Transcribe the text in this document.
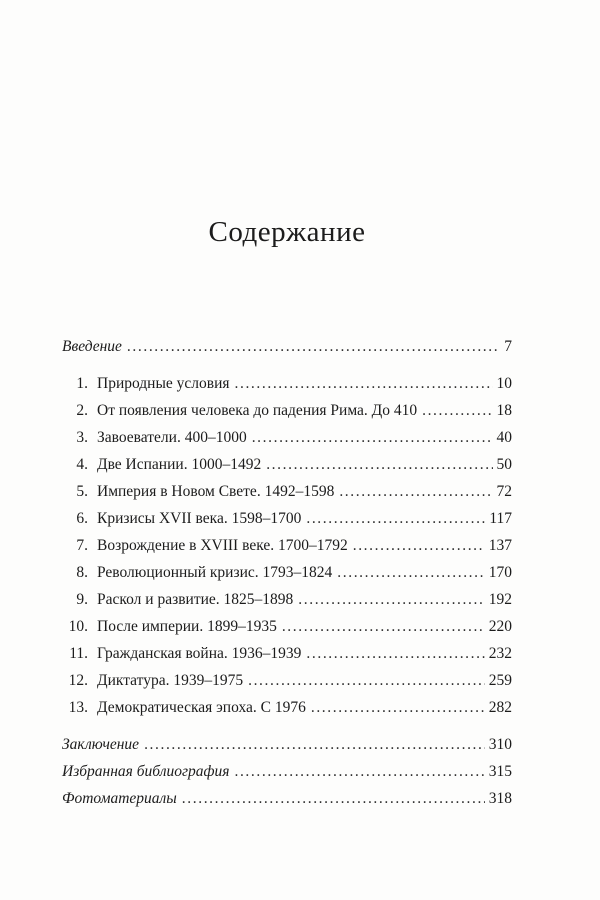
Содержание
Введение .....	7
1. Природные условия .....	10
2. От появления человека до падения Рима. До 410 .....	18
3. Завоеватели. 400–1000 .....	40
4. Две Испании. 1000–1492 .....	50
5. Империя в Новом Свете. 1492–1598 .....	72
6. Кризисы XVII века. 1598–1700 .....	117
7. Возрождение в XVIII веке. 1700–1792 .....	137
8. Революционный кризис. 1793–1824 .....	170
9. Раскол и развитие. 1825–1898 .....	192
10. После империи. 1899–1935 .....	220
11. Гражданская война. 1936–1939 .....	232
12. Диктатура. 1939–1975 .....	259
13. Демократическая эпоха. С 1976 .....	282
Заключение .....	310
Избранная библиография .....	315
Фотоматериалы .....	318
